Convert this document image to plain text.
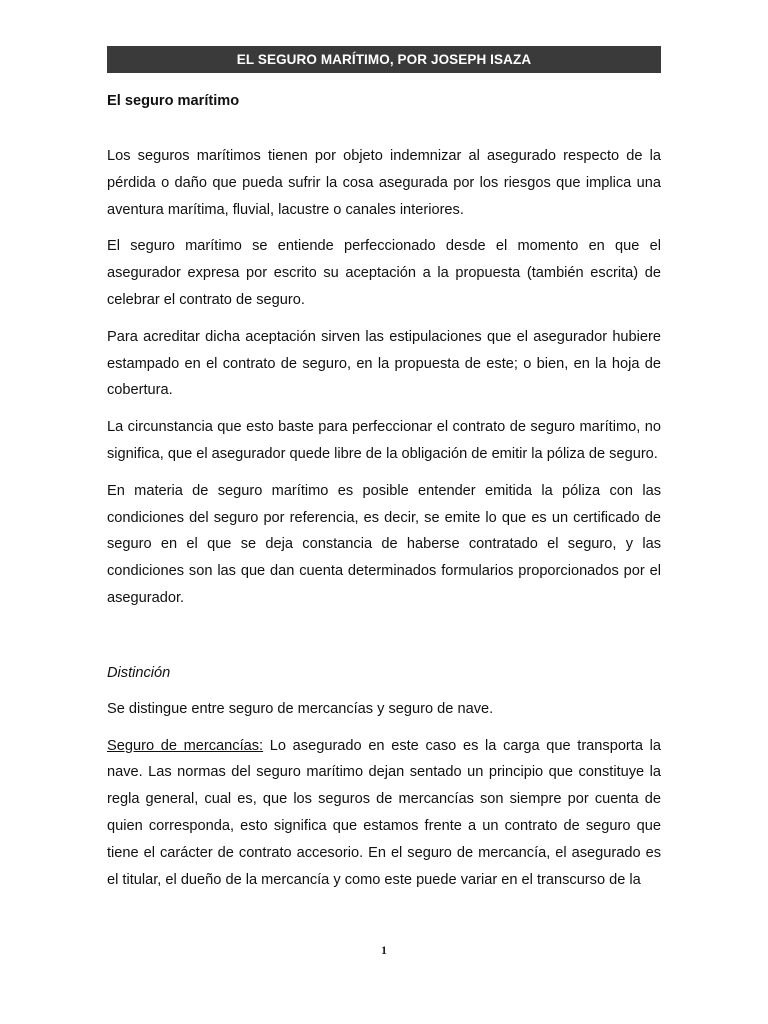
EL SEGURO MARÍTIMO, POR JOSEPH ISAZA

El seguro marítimo

Los seguros marítimos tienen por objeto indemnizar al asegurado respecto de la pérdida o daño que pueda sufrir la cosa asegurada por los riesgos que implica una aventura marítima, fluvial, lacustre o canales interiores.

El seguro marítimo se entiende perfeccionado desde el momento en que el asegurador expresa por escrito su aceptación a la propuesta (también escrita) de celebrar el contrato de seguro.

Para acreditar dicha aceptación sirven las estipulaciones que el asegurador hubiere estampado en el contrato de seguro, en la propuesta de este; o bien, en la hoja de cobertura.

La circunstancia que esto baste para perfeccionar el contrato de seguro marítimo, no significa, que el asegurador quede libre de la obligación de emitir la póliza de seguro.

En materia de seguro marítimo es posible entender emitida la póliza con las condiciones del seguro por referencia, es decir, se emite lo que es un certificado de seguro en el que se deja constancia de haberse contratado el seguro, y las condiciones son las que dan cuenta determinados formularios proporcionados por el asegurador.

Distinción

Se distingue entre seguro de mercancías y seguro de nave.

Seguro de mercancías: Lo asegurado en este caso es la carga que transporta la nave. Las normas del seguro marítimo dejan sentado un principio que constituye la regla general, cual es, que los seguros de mercancías son siempre por cuenta de quien corresponda, esto significa que estamos frente a un contrato de seguro que tiene el carácter de contrato accesorio. En el seguro de mercancía, el asegurado es el titular, el dueño de la mercancía y como este puede variar en el transcurso de la

1
